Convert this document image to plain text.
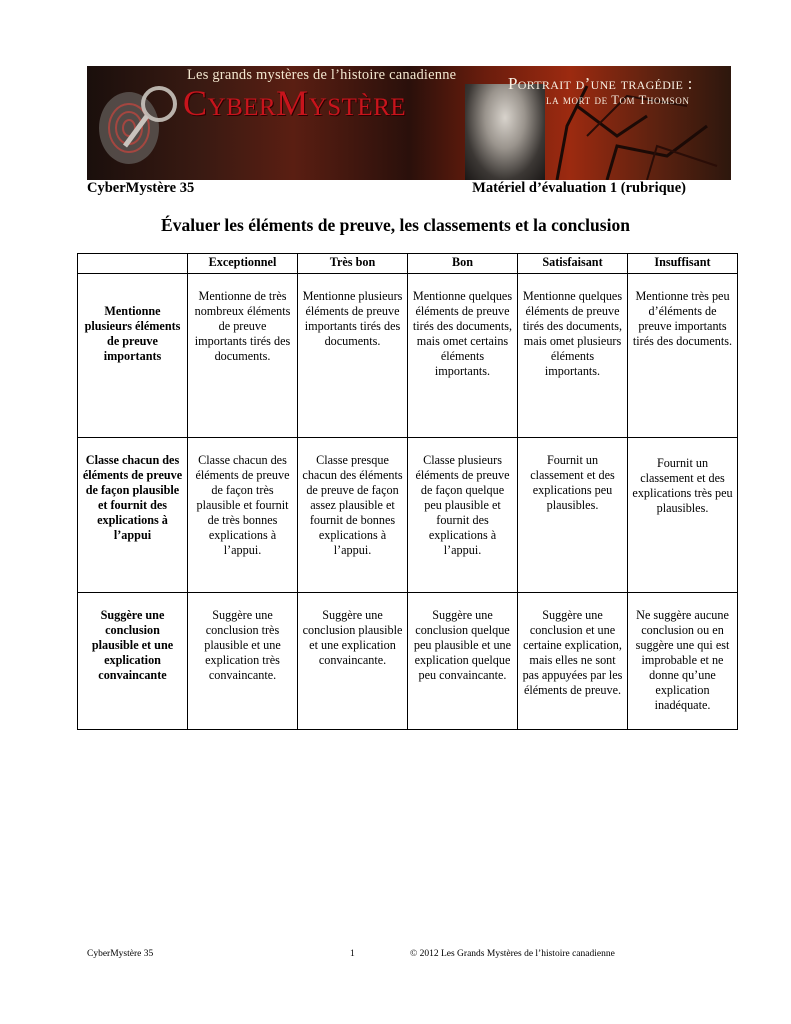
Les grands mystères de l’histoire canadienne
CyberMystère	Portrait d’une tragédie :
la mort de Tom Thomson
CyberMystère 35	Matériel d’évaluation 1 (rubrique)
Évaluer les éléments de preuve, les classements et la conclusion
	Exceptionnel	Très bon	Bon	Satisfaisant	Insuffisant
Mentionne plusieurs éléments de preuve importants	Mentionne de très nombreux éléments de preuve importants tirés des documents.	Mentionne plusieurs éléments de preuve importants tirés des documents.	Mentionne quelques éléments de preuve tirés des documents, mais omet certains éléments importants.	Mentionne quelques éléments de preuve tirés des documents, mais omet plusieurs éléments importants.	Mentionne très peu d’éléments de preuve importants tirés des documents.
Classe chacun des éléments de preuve de façon plausible et fournit des explications à l’appui	Classe chacun des éléments de preuve de façon très plausible et fournit de très bonnes explications à l’appui.	Classe presque chacun des éléments de preuve de façon assez plausible et fournit de bonnes explications à l’appui.	Classe plusieurs éléments de preuve de façon quelque peu plausible et fournit des explications à l’appui.	Fournit un classement et des explications peu plausibles.	Fournit un classement et des explications très peu plausibles.
Suggère une conclusion plausible et une explication convaincante	Suggère une conclusion très plausible et une explication très convaincante.	Suggère une conclusion plausible et une explication convaincante.	Suggère une conclusion quelque peu plausible et une explication quelque peu convaincante.	Suggère une conclusion et une certaine explication, mais elles ne sont pas appuyées par les éléments de preuve.	Ne suggère aucune conclusion ou en suggère une qui est improbable et ne donne qu’une explication inadéquate.
CyberMystère 35	1	© 2012 Les Grands Mystères de l’histoire canadienne
